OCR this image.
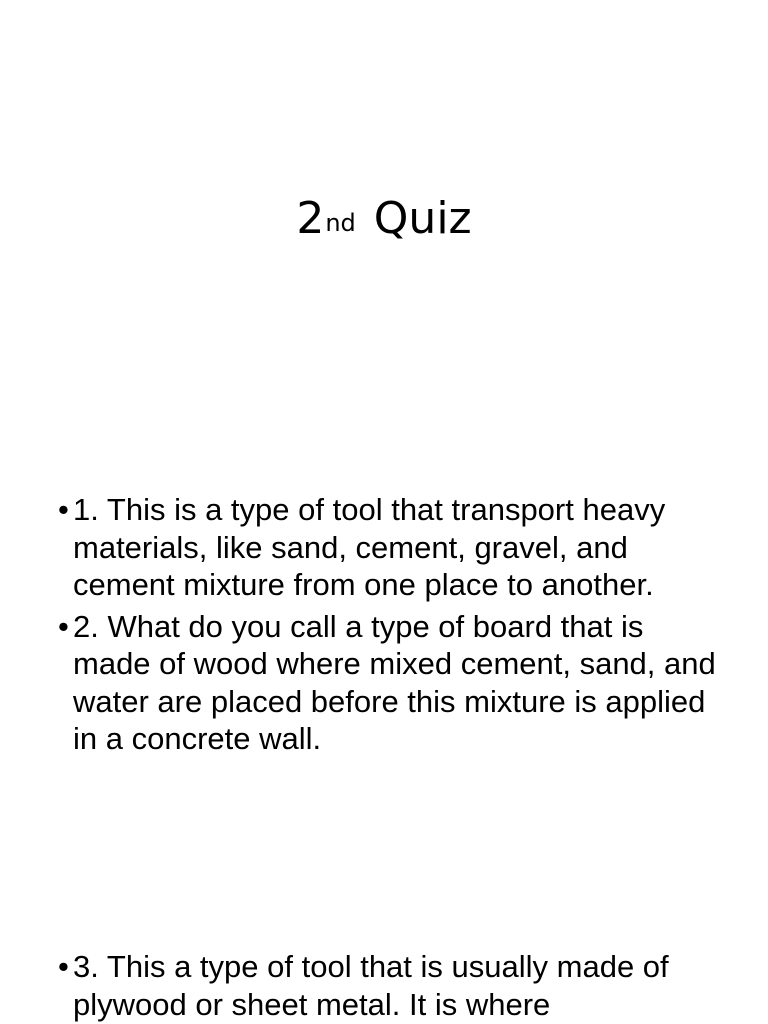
2nd Quiz
• 1. This is a type of tool that transport heavy materials, like sand, cement, gravel, and cement mixture from one place to another.
• 2. What do you call a type of board that is made of wood where mixed cement, sand, and water are placed before this mixture is applied in a concrete wall.
• 3. This a type of tool that is usually made of plywood or sheet metal. It is where
